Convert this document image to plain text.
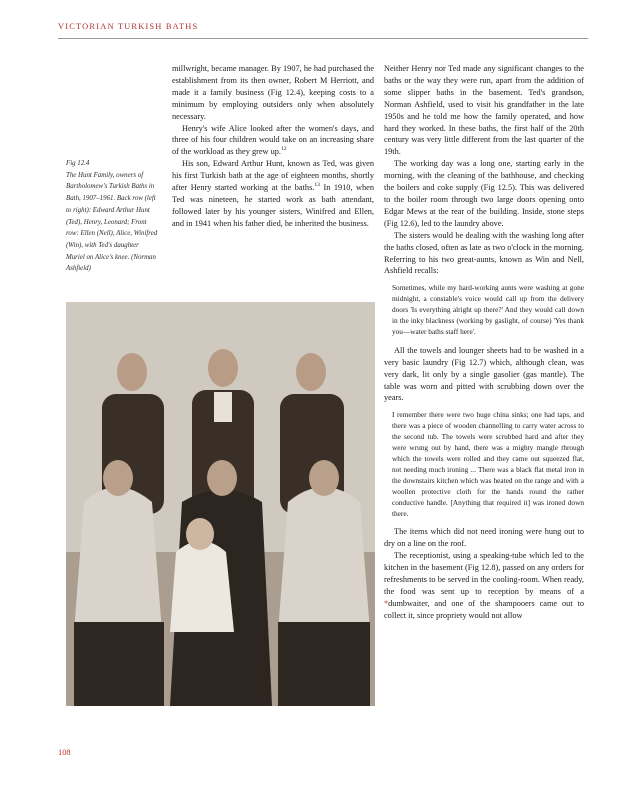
VICTORIAN TURKISH BATHS

Fig 12.4

The Hunt Family, owners of Bartholomew's Turkish Baths in Bath, 1907–1961. Back row (left to right): Edward Arthur Hunt (Ted), Henry, Leonard; Front row: Ellen (Nell), Alice, Winifred (Win), with Ted's daughter Muriel on Alice's knee. (Norman Ashfield)

millwright, became manager. By 1907, he had purchased the establishment from its then owner, Robert M Herriott, and made it a family business (Fig 12.4), keeping costs to a minimum by employing outsiders only when absolutely necessary.

Henry's wife Alice looked after the women's days, and three of his four children would take on an increasing share of the workload as they grew up.$^{12}$

His son, Edward Arthur Hunt, known as Ted, was given his first Turkish bath at the age of eighteen months, shortly after Henry started working at the baths.$^{13}$ In 1910, when Ted was nineteen, he started work as bath attendant, followed later by his younger sisters, Winifred and Ellen, and in 1941 when his father died, he inherited the business.

Neither Henry nor Ted made any significant changes to the baths or the way they were run, apart from the addition of some slipper baths in the basement. Ted's grandson, Norman Ashfield, used to visit his grandfather in the late 1950s and he told me how the family operated, and how hard they worked. In these baths, the first half of the 20th century was very little different from the last quarter of the 19th.

The working day was a long one, starting early in the morning, with the cleaning of the bathhouse, and checking the boilers and coke supply (Fig 12.5). This was delivered to the boiler room through two large doors opening onto Edgar Mews at the rear of the building. Inside, stone steps (Fig 12.6), led to the laundry above.

The sisters would be dealing with the washing long after the baths closed, often as late as two o'clock in the morning. Referring to his two great-aunts, known as Win and Nell, Ashfield recalls:

Sometimes, while my hard-working aunts were washing at gone midnight, a constable's voice would call up from the delivery doors 'Is everything alright up there?' And they would call down in the inky blackness (working by gaslight, of course) 'Yes thank you—water baths staff here'.

All the towels and lounger sheets had to be washed in a very basic laundry (Fig 12.7) which, although clean, was very dark, lit only by a single gasolier (gas mantle). The table was worn and pitted with scrubbing down over the years.

I remember there were two huge china sinks; one had taps, and there was a piece of wooden channelling to carry water across to the second tub. The towels were scrubbed hard and after they were wrung out by hand, there was a mighty mangle through which the towels were rolled and they came out squeezed flat, not needing much ironing ... There was a black flat metal iron in the downstairs kitchen which was heated on the range and with a woollen protective cloth for the hands round the rather conductive handle. [Anything that required it] was ironed down there.

The items which did not need ironing were hung out to dry on a line on the roof.

The receptionist, using a speaking-tube which led to the kitchen in the basement (Fig 12.8), passed on any orders for refreshments to be served in the cooling-room. When ready, the food was sent up to reception by means of a *dumbwaiter, and one of the shampooers came out to collect it, since propriety would not allow

108
